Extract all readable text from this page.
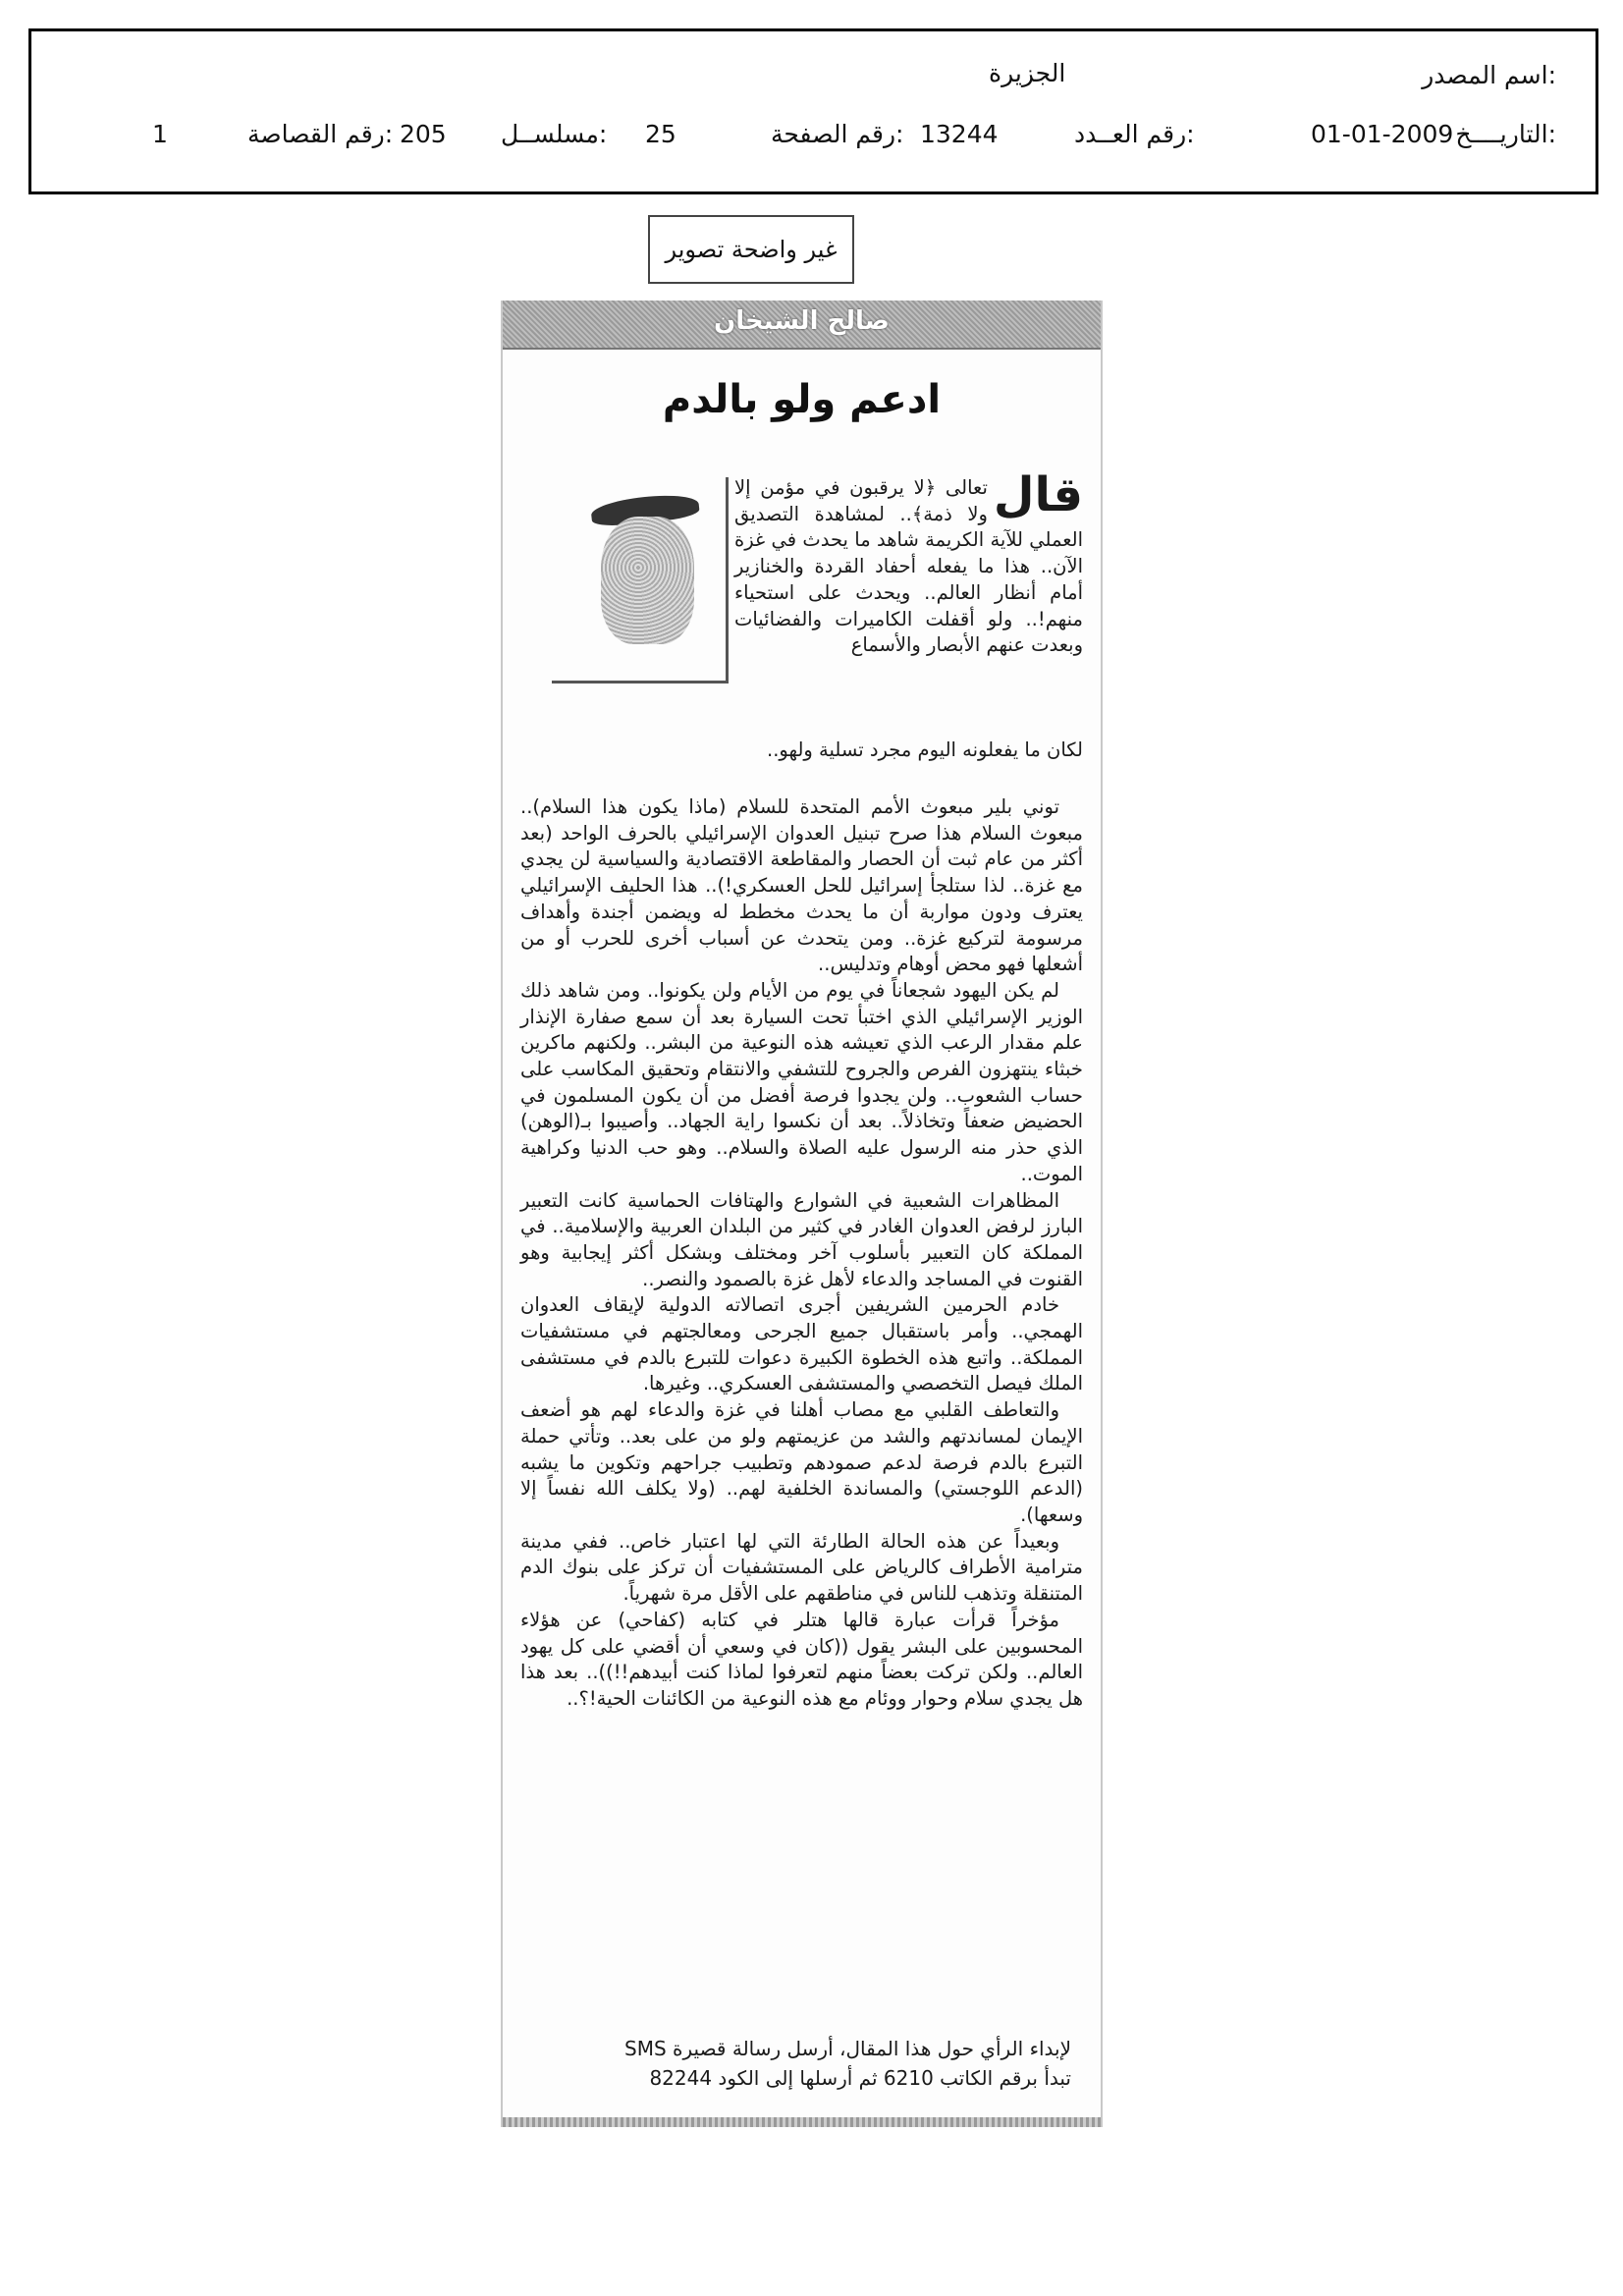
اسم المصدر:
الجزيرة
التاريــــخ:
01-01-2009
رقم العــدد:
13244
رقم الصفحة:
25
مسلســل:
205
رقم القصاصة:
1
غير واضحة تصوير
صالح الشيخان
ادعم ولو بالدم
قال
تعالى ﴿لا يرقبون في مؤمن إلا ولا ذمة﴾.. لمشاهدة التصديق العملي للآية الكريمة شاهد ما يحدث في غزة الآن.. هذا ما يفعله أحفاد القردة والخنازير أمام أنظار العالم.. ويحدث على استحياء منهم!.. ولو أقفلت الكاميرات والفضائيات وبعدت عنهم الأبصار والأسماع
لكان ما يفعلونه اليوم مجرد تسلية ولهو..

توني بلير مبعوث الأمم المتحدة للسلام (ماذا يكون هذا السلام).. مبعوث السلام هذا صرح تبنيل العدوان الإسرائيلي بالحرف الواحد (بعد أكثر من عام ثبت أن الحصار والمقاطعة الاقتصادية والسياسية لن يجدي مع غزة.. لذا ستلجأ إسرائيل للحل العسكري!).. هذا الحليف الإسرائيلي يعترف ودون مواربة أن ما يحدث مخطط له ويضمن أجندة وأهداف مرسومة لتركيع غزة.. ومن يتحدث عن أسباب أخرى للحرب أو من أشعلها فهو محض أوهام وتدليس..

لم يكن اليهود شجعاناً في يوم من الأيام ولن يكونوا.. ومن شاهد ذلك الوزير الإسرائيلي الذي اختبأ تحت السيارة بعد أن سمع صفارة الإنذار علم مقدار الرعب الذي تعيشه هذه النوعية من البشر.. ولكنهم ماكرين خبثاء ينتهزون الفرص والجروح للتشفي والانتقام وتحقيق المكاسب على حساب الشعوب.. ولن يجدوا فرصة أفضل من أن يكون المسلمون في الحضيض ضعفاً وتخاذلاً.. بعد أن نكسوا راية الجهاد.. وأصيبوا بـ(الوهن) الذي حذر منه الرسول عليه الصلاة والسلام.. وهو حب الدنيا وكراهية الموت..

المظاهرات الشعبية في الشوارع والهتافات الحماسية كانت التعبير البارز لرفض العدوان الغادر في كثير من البلدان العربية والإسلامية.. في المملكة كان التعبير بأسلوب آخر ومختلف وبشكل أكثر إيجابية وهو القنوت في المساجد والدعاء لأهل غزة بالصمود والنصر..

خادم الحرمين الشريفين أجرى اتصالاته الدولية لإيقاف العدوان الهمجي.. وأمر باستقبال جميع الجرحى ومعالجتهم في مستشفيات المملكة.. واتبع هذه الخطوة الكبيرة دعوات للتبرع بالدم في مستشفى الملك فيصل التخصصي والمستشفى العسكري.. وغيرها.

والتعاطف القلبي مع مصاب أهلنا في غزة والدعاء لهم هو أضعف الإيمان لمساندتهم والشد من عزيمتهم ولو من على بعد.. وتأتي حملة التبرع بالدم فرصة لدعم صمودهم وتطبيب جراحهم وتكوين ما يشبه (الدعم اللوجستي) والمساندة الخلفية لهم.. (ولا يكلف الله نفساً إلا وسعها).

وبعيداً عن هذه الحالة الطارئة التي لها اعتبار خاص.. ففي مدينة مترامية الأطراف كالرياض على المستشفيات أن تركز على بنوك الدم المتنقلة وتذهب للناس في مناطقهم على الأقل مرة شهرياً.

مؤخراً قرأت عبارة قالها هتلر في كتابه (كفاحي) عن هؤلاء المحسوبين على البشر يقول ((كان في وسعي أن أقضي على كل يهود العالم.. ولكن تركت بعضاً منهم لتعرفوا لماذا كنت أبيدهم!!)).. بعد هذا هل يجدي سلام وحوار ووئام مع هذه النوعية من الكائنات الحية!؟..

لإبداء الرأي حول هذا المقال، أرسل رسالة قصيرة SMS
تبدأ برقم الكاتب 6210 ثم أرسلها إلى الكود 82244
